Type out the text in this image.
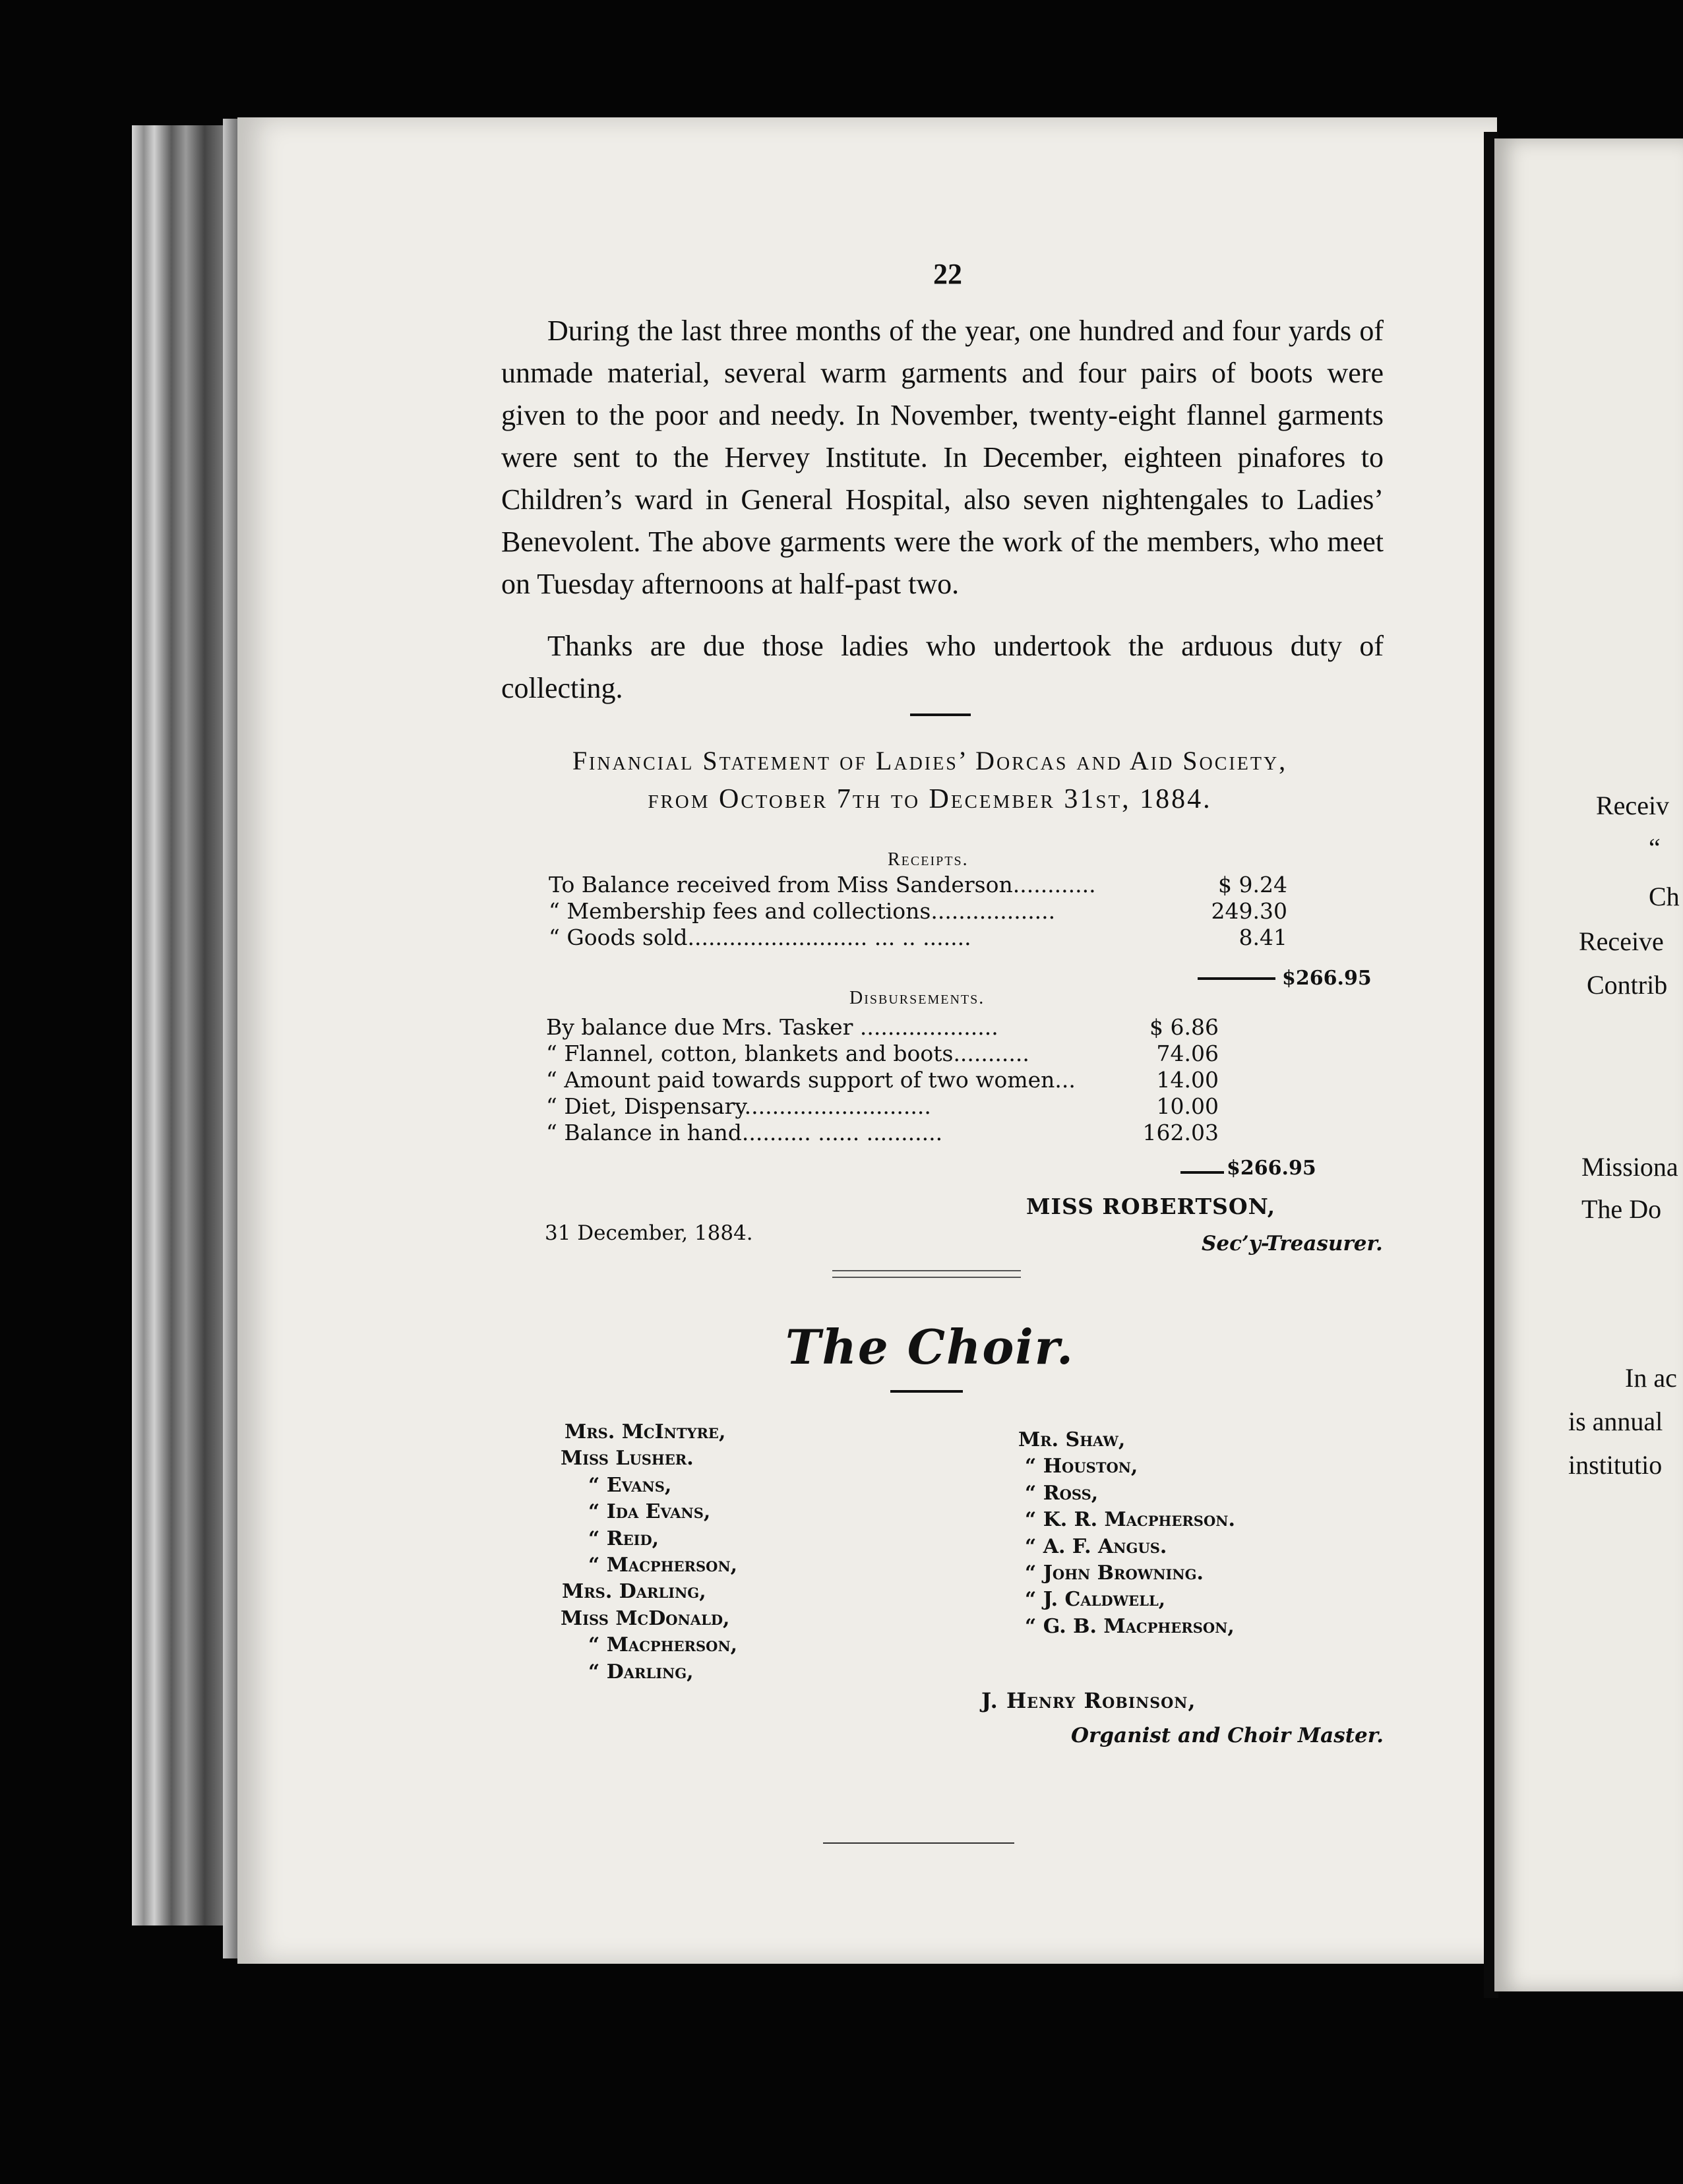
22
During the last three months of the year, one hundred and four yards of unmade material, several warm garments and four pairs of boots were given to the poor and needy. In November, twenty-eight flannel garments were sent to the Hervey Institute. In December, eighteen pinafores to Children’s ward in General Hospital, also seven nightengales to Ladies’ Benevolent. The above garments were the work of the members, who meet on Tuesday afternoons at half-past two.
Thanks are due those ladies who undertook the arduous duty of collecting.
Financial Statement of Ladies’ Dorcas and Aid Society,
from October 7th to December 31st, 1884.
Receipts.
To Balance received from Miss Sanderson............	$ 9.24
“ Membership fees and collections..................	249.30
“ Goods sold.......................... ... .. .......	8.41
$266.95
Disbursements.
By balance due Mrs. Tasker ....................	$ 6.86
“ Flannel, cotton, blankets and boots...........	74.06
“ Amount paid towards support of two women...	14.00
“ Diet, Dispensary...........................	10.00
“ Balance in hand.......... ...... ...........	162.03
$266.95
MISS ROBERTSON,
31 December, 1884.	Sec’y-Treasurer.
The Choir.
Mrs. McIntyre,
Miss Lusher.
“ Evans,
“ Ida Evans,
“ Reid,
“ Macpherson,
Mrs. Darling,
Miss McDonald,
“ Macpherson,
“ Darling,
Mr. Shaw,
“ Houston,
“ Ross,
“ K. R. Macpherson.
“ A. F. Angus.
“ John Browning.
“ J. Caldwell,
“ G. B. Macpherson,
J. Henry Robinson,
Organist and Choir Master.
Receiv
“
Ch
Receive
Contrib
Missiona
The Do
In ac
is annual
institutio
